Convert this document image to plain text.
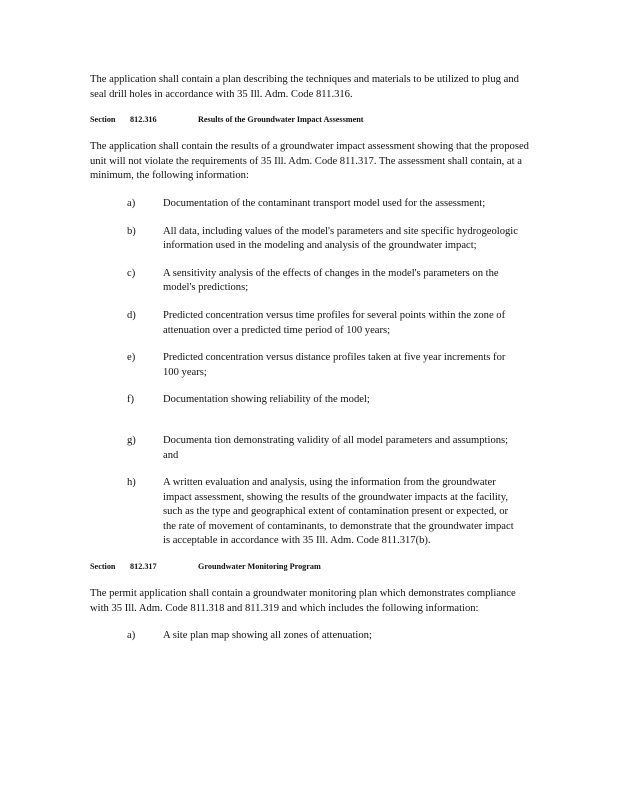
The application shall contain a plan describing the techniques and materials to be utilized to plug and seal drill holes in accordance with 35 Ill. Adm. Code 811.316.

Section 812.316	Results of the Groundwater Impact Assessment

The application shall contain the results of a groundwater impact assessment showing that the proposed unit will not violate the requirements of 35 Ill. Adm. Code 811.317. The assessment shall contain, at a minimum, the following information:

a)	Documentation of the contaminant transport model used for the assessment;
b)	All data, including values of the model's parameters and site specific hydrogeologic information used in the modeling and analysis of the groundwater impact;
c)	A sensitivity analysis of the effects of changes in the model's parameters on the model's predictions;
d)	Predicted concentration versus time profiles for several points within the zone of attenuation over a predicted time period of 100 years;
e)	Predicted concentration versus distance profiles taken at five year increments for 100 years;
f)	Documentation showing reliability of the model;
g)	Documenta tion demonstrating validity of all model parameters and assumptions; and
h)	A written evaluation and analysis, using the information from the groundwater impact assessment, showing the results of the groundwater impacts at the facility, such as the type and geographical extent of contamination present or expected, or the rate of movement of contaminants, to demonstrate that the groundwater impact is acceptable in accordance with 35 Ill. Adm. Code 811.317(b).
Section 812.317	Groundwater Monitoring Program

The permit application shall contain a groundwater monitoring plan which demonstrates compliance with 35 Ill. Adm. Code 811.318 and 811.319 and which includes the following information:

a)	A site plan map showing all zones of attenuation;
